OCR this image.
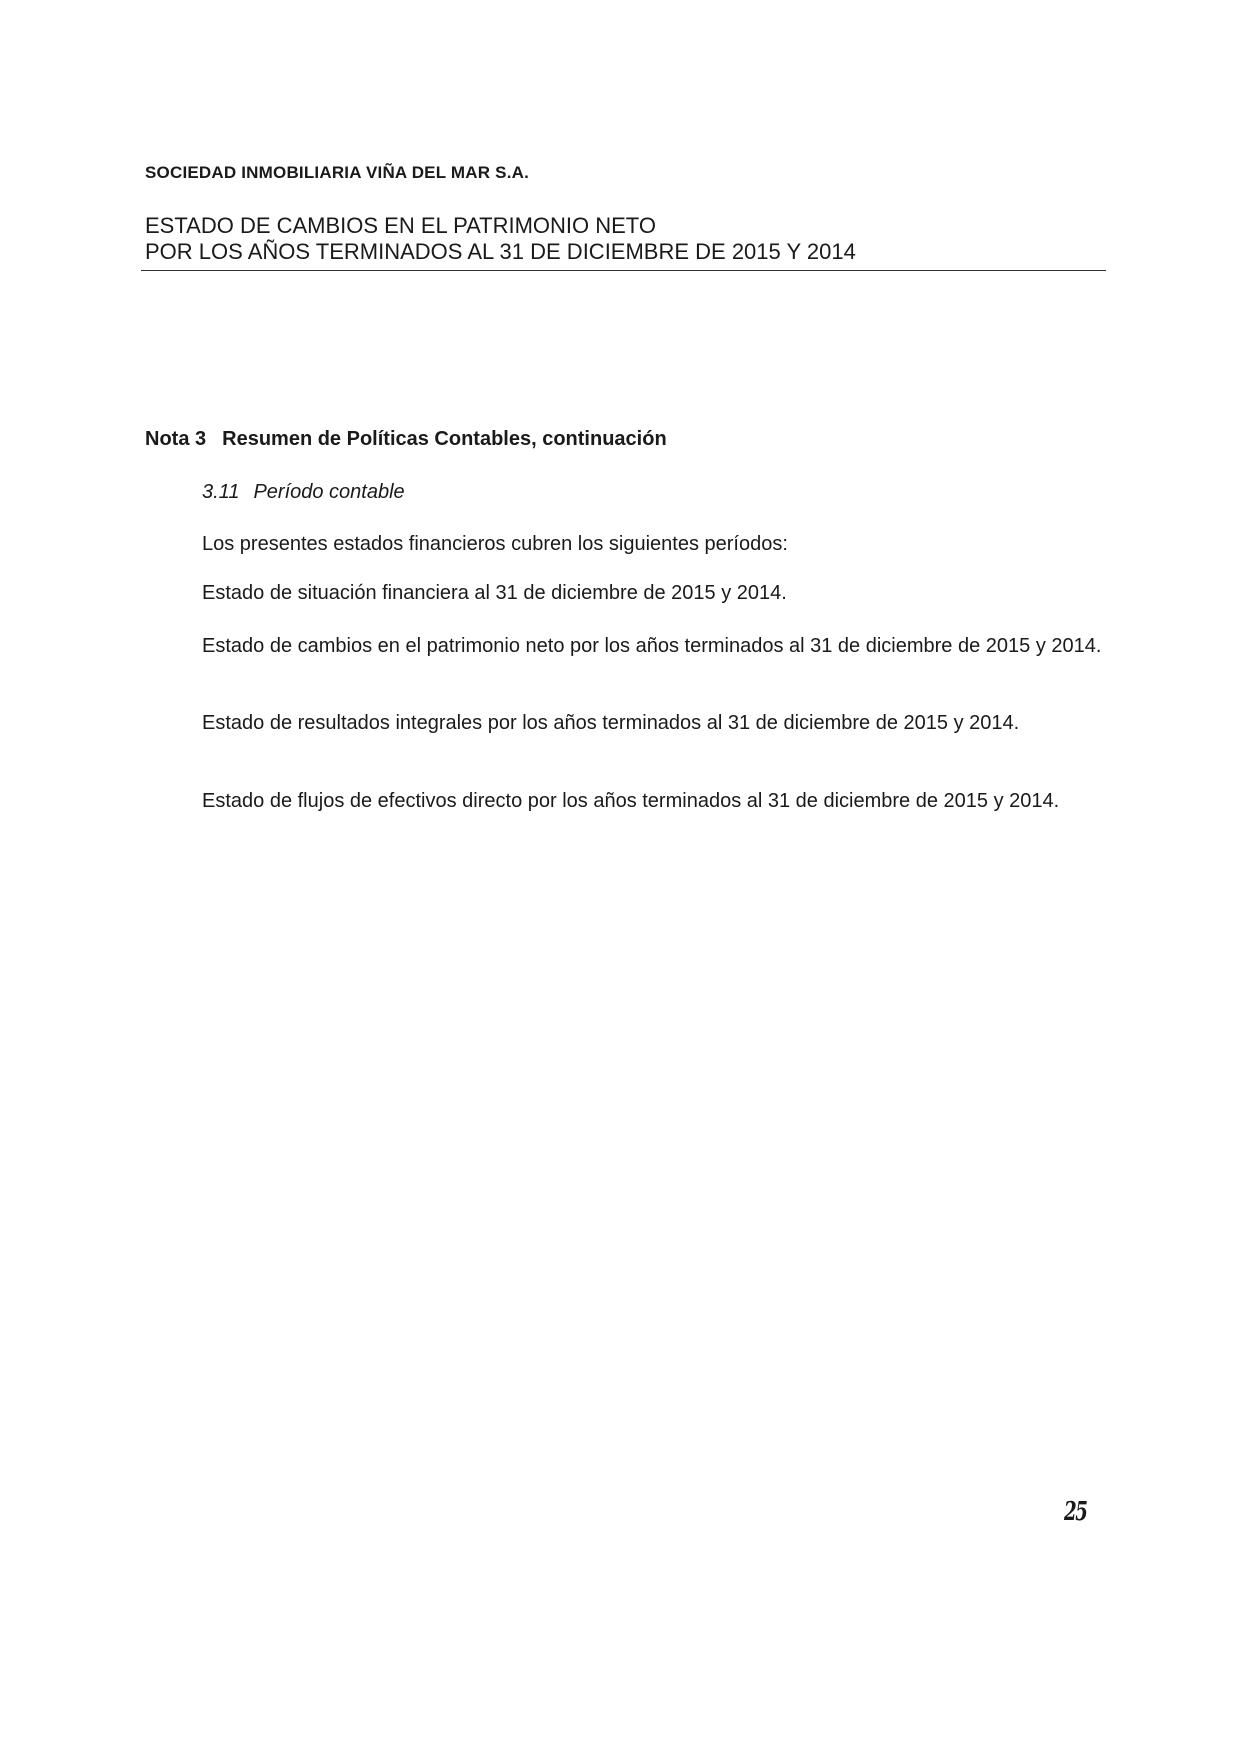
SOCIEDAD INMOBILIARIA VIÑA DEL MAR S.A.
ESTADO DE CAMBIOS EN EL PATRIMONIO NETO
POR LOS AÑOS TERMINADOS AL 31 DE DICIEMBRE DE 2015 Y 2014
Nota 3 Resumen de Políticas Contables, continuación
3.11 Período contable
Los presentes estados financieros cubren los siguientes períodos:
Estado de situación financiera al 31 de diciembre de 2015 y 2014.
Estado de cambios en el patrimonio neto por los años terminados al 31 de diciembre de 2015 y 2014.
Estado de resultados integrales por los años terminados al 31 de diciembre de 2015 y 2014.
Estado de flujos de efectivos directo por los años terminados al 31 de diciembre de 2015 y 2014.
25
